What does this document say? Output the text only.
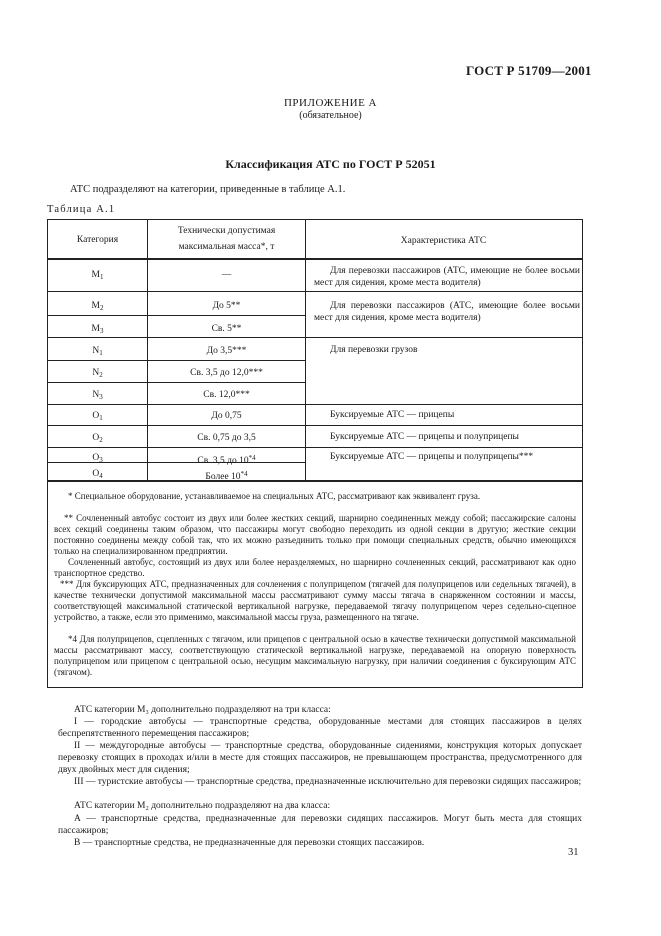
ГОСТ Р 51709—2001
ПРИЛОЖЕНИЕ А
(обязательное)
Классификация АТС по ГОСТ Р 52051
АТС подразделяют на категории, приведенные в таблице А.1.
Таблица А.1
Категория
Технически допустимая
максимальная масса*, т
Характеристика АТС
$M_1$
$M_2$
$M_3$
$N_1$
$N_2$
$N_3$
$O_1$
$O_2$
$O_3$
$O_4$
—
До 5**
Св. 5**
До 3,5***
Св. 3,5 до 12,0***
Св. 12,0***
До 0,75
Св. 0,75 до 3,5
Св. 3,5 до 10$^{*4}$
Более 10$^{*4}$
Для перевозки пассажиров (АТС, имеющие не более восьми мест для сидения, кроме места водителя)
Для перевозки пассажиров (АТС, имеющие более восьми мест для сидения, кроме места водителя)
Для перевозки грузов
Буксируемые АТС — прицепы
Буксируемые АТС — прицепы и полуприцепы
Буксируемые АТС — прицепы и полуприцепы***
* Специальное оборудование, устанавливаемое на специальных АТС, рассматривают как эквивалент груза.
** Сочлененный автобус состоит из двух или более жестких секций, шарнирно соединенных между собой; пассажирские салоны всех секций соединены таким образом, что пассажиры могут свободно переходить из одной секции в другую; жесткие секции постоянно соединены между собой так, что их можно разъединить только при помощи специальных средств, обычно имеющихся только на специализированном предприятии.
Сочлененный автобус, состоящий из двух или более неразделяемых, но шарнирно сочлененных секций, рассматривают как одно транспортное средство.
*** Для буксирующих АТС, предназначенных для сочленения с полуприцепом (тягачей для полуприцепов или седельных тягачей), в качестве технически допустимой максимальной массы рассматривают сумму массы тягача в снаряженном состоянии и массы, соответствующей максимальной статической вертикальной нагрузке, передаваемой тягачу полуприцепом через седельно-сцепное устройство, а также, если это применимо, максимальной массы груза, размещенного на тягаче.
*4 Для полуприцепов, сцепленных с тягачом, или прицепов с центральной осью в качестве технически допустимой максимальной массы рассматривают массу, соответствующую статической вертикальной нагрузке, передаваемой на опорную поверхность полуприцепом или прицепом с центральной осью, несущим максимальную нагрузку, при наличии соединения с буксирующим АТС (тягачом).
АТС категории M₃ дополнительно подразделяют на три класса:
I — городские автобусы — транспортные средства, оборудованные местами для стоящих пассажиров в целях беспрепятственного перемещения пассажиров;
II — междугородные автобусы — транспортные средства, оборудованные сидениями, конструкция которых допускает перевозку стоящих в проходах и/или в месте для стоящих пассажиров, не превышающем пространства, предусмотренного для двух двойных мест для сидения;
III — туристские автобусы — транспортные средства, предназначенные исключительно для перевозки сидящих пассажиров;
АТС категории M₂ дополнительно подразделяют на два класса:
А — транспортные средства, предназначенные для перевозки сидящих пассажиров. Могут быть места для стоящих пассажиров;
В — транспортные средства, не предназначенные для перевозки стоящих пассажиров.
31
